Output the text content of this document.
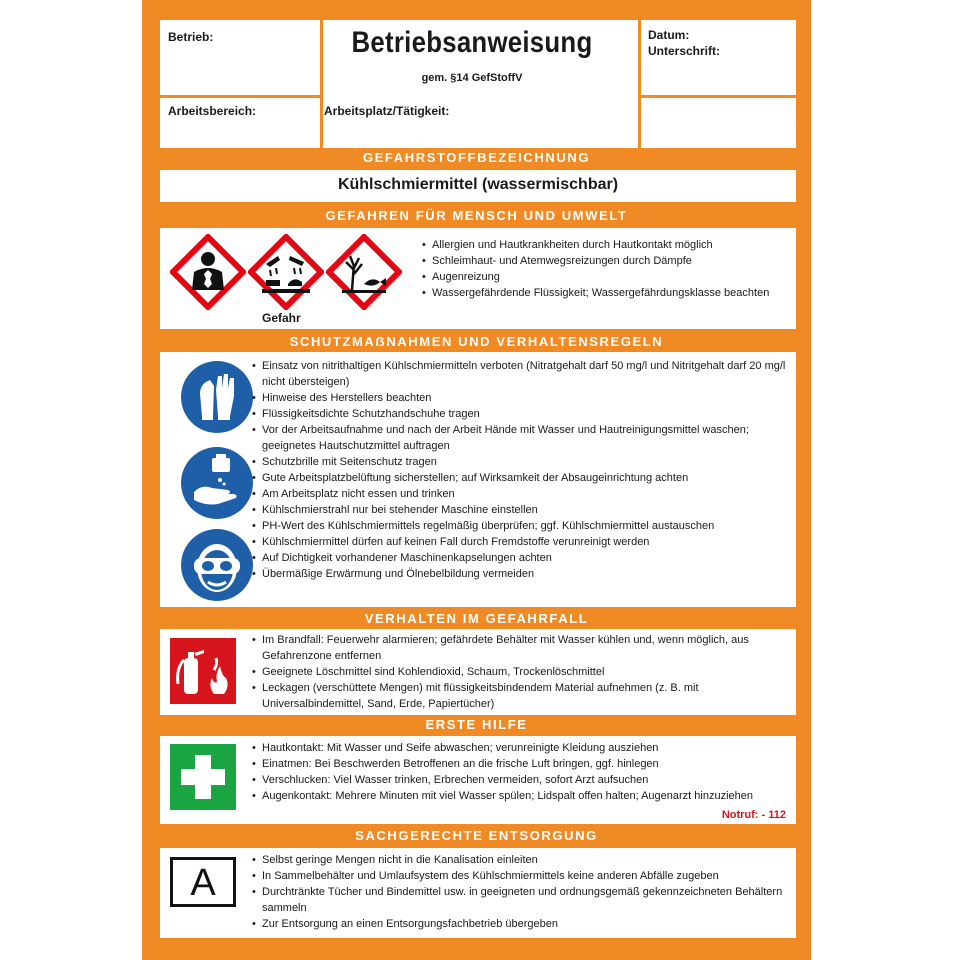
Betrieb:	Datum:
Unterschrift:
Arbeitsbereich:	Arbeitsplatz/Tätigkeit:
Betriebsanweisung
gem. §14 GefStoffV
GEFAHRSTOFFBEZEICHNUNG
Kühlschmiermittel (wassermischbar)
GEFAHREN FÜR MENSCH UND UMWELT
Gefahr
• Allergien und Hautkrankheiten durch Hautkontakt möglich
• Schleimhaut- und Atemwegsreizungen durch Dämpfe
• Augenreizung
• Wassergefährdende Flüssigkeit; Wassergefährdungsklasse beachten
SCHUTZMAẞNAHMEN UND VERHALTENSREGELN
• Einsatz von nitrithaltigen Kühlschmiermitteln verboten (Nitratgehalt darf 50 mg/l und Nitritgehalt darf 20 mg/l nicht übersteigen)
• Hinweise des Herstellers beachten
• Flüssigkeitsdichte Schutzhandschuhe tragen
• Vor der Arbeitsaufnahme und nach der Arbeit Hände mit Wasser und Hautreinigungsmittel waschen; geeignetes Hautschutzmittel auftragen
• Schutzbrille mit Seitenschutz tragen
• Gute Arbeitsplatzbelüftung sicherstellen; auf Wirksamkeit der Absaugeinrichtung achten
• Am Arbeitsplatz nicht essen und trinken
• Kühlschmierstrahl nur bei stehender Maschine einstellen
• PH-Wert des Kühlschmiermittels regelmäßig überprüfen; ggf. Kühlschmiermittel austauschen
• Kühlschmiermittel dürfen auf keinen Fall durch Fremdstoffe verunreinigt werden
• Auf Dichtigkeit vorhandener Maschinenkapselungen achten
• Übermäßige Erwärmung und Ölnebelbildung vermeiden
VERHALTEN IM GEFAHRFALL
• Im Brandfall: Feuerwehr alarmieren; gefährdete Behälter mit Wasser kühlen und, wenn möglich, aus Gefahrenzone entfernen
• Geeignete Löschmittel sind Kohlendioxid, Schaum, Trockenlöschmittel
• Leckagen (verschüttete Mengen) mit flüssigkeitsbindendem Material aufnehmen (z. B. mit Universalbindemittel, Sand, Erde, Papiertücher)
ERSTE HILFE
• Hautkontakt: Mit Wasser und Seife abwaschen; verunreinigte Kleidung ausziehen
• Einatmen: Bei Beschwerden Betroffenen an die frische Luft bringen, ggf. hinlegen
• Verschlucken: Viel Wasser trinken, Erbrechen vermeiden, sofort Arzt aufsuchen
• Augenkontakt: Mehrere Minuten mit viel Wasser spülen; Lidspalt offen halten; Augenarzt hinzuziehen
Notruf: - 112
SACHGERECHTE ENTSORGUNG
A
• Selbst geringe Mengen nicht in die Kanalisation einleiten
• In Sammelbehälter und Umlaufsystem des Kühlschmiermittels keine anderen Abfälle zugeben
• Durchtränkte Tücher und Bindemittel usw. in geeigneten und ordnungsgemäß gekennzeichneten Behältern sammeln
• Zur Entsorgung an einen Entsorgungsfachbetrieb übergeben
